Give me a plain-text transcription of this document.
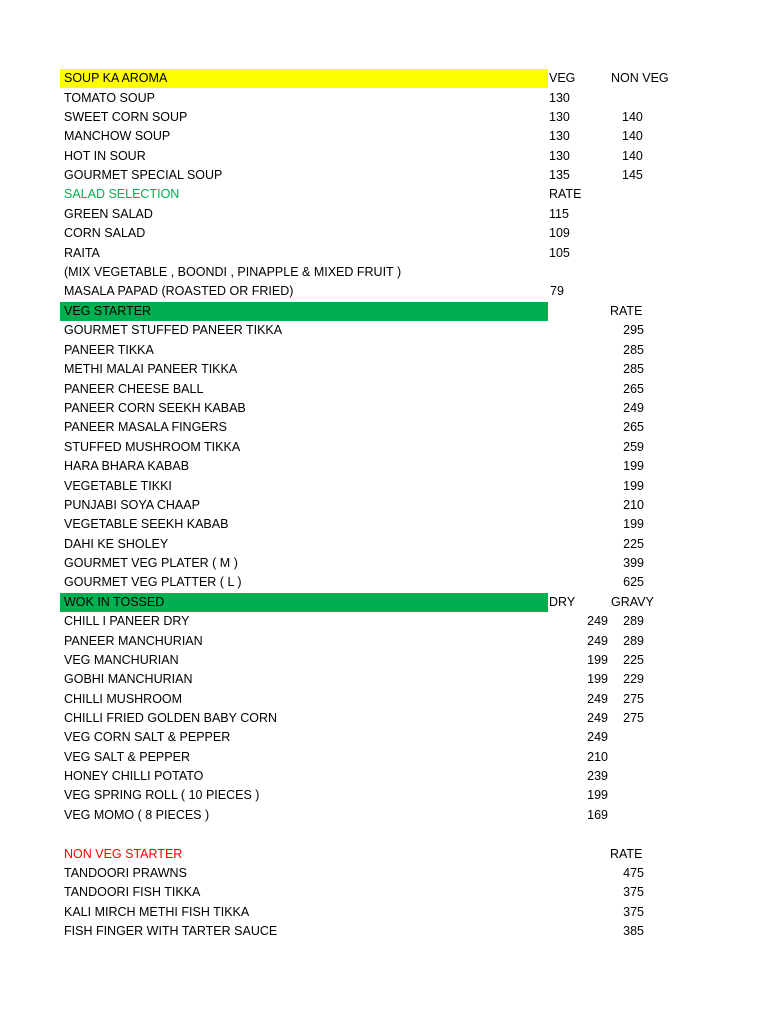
SOUP KA AROMA	VEG	NON VEG
TOMATO SOUP	130
SWEET CORN SOUP	130	140
MANCHOW SOUP	130	140
HOT IN SOUR	130	140
GOURMET SPECIAL SOUP	135	145
SALAD SELECTION	RATE
GREEN SALAD	115
CORN SALAD	109
RAITA	105
(MIX VEGETABLE , BOONDI , PINAPPLE & MIXED FRUIT )
MASALA PAPAD (ROASTED OR FRIED)	79
VEG STARTER	RATE
GOURMET STUFFED PANEER TIKKA	295
PANEER TIKKA	285
METHI MALAI PANEER TIKKA	285
PANEER CHEESE BALL	265
PANEER CORN SEEKH KABAB	249
PANEER MASALA FINGERS	265
STUFFED MUSHROOM TIKKA	259
HARA BHARA KABAB	199
VEGETABLE TIKKI	199
PUNJABI SOYA CHAAP	210
VEGETABLE SEEKH KABAB	199
DAHI KE SHOLEY	225
GOURMET VEG PLATER ( M )	399
GOURMET VEG PLATTER ( L )	625
WOK IN TOSSED	DRY	GRAVY
CHILL I PANEER DRY	249 289
PANEER MANCHURIAN	249 289
VEG MANCHURIAN	199 225
GOBHI MANCHURIAN	199 229
CHILLI MUSHROOM	249 275
CHILLI FRIED GOLDEN BABY CORN	249 275
VEG CORN SALT & PEPPER	249
VEG SALT & PEPPER	210
HONEY CHILLI POTATO	239
VEG SPRING ROLL ( 10 PIECES )	199
VEG MOMO ( 8 PIECES )	169
NON VEG STARTER	RATE
TANDOORI PRAWNS	475
TANDOORI FISH TIKKA	375
KALI MIRCH METHI FISH TIKKA	375
FISH FINGER WITH TARTER SAUCE	385
